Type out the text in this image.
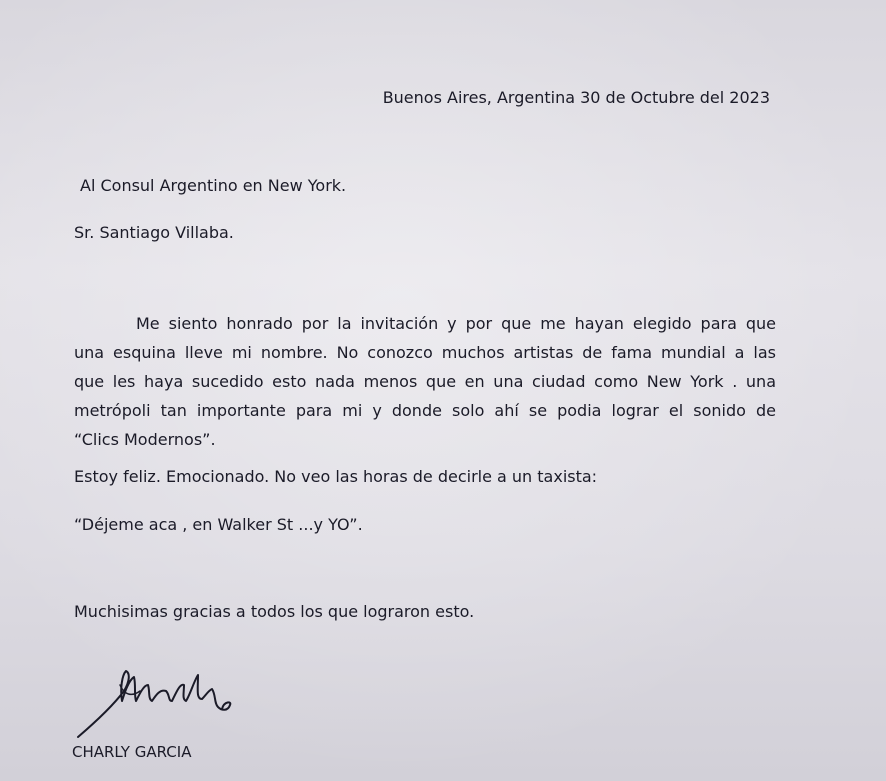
Buenos Aires, Argentina 30 de Octubre del 2023
Al Consul Argentino en New York.
Sr. Santiago Villaba.
Me siento honrado por la invitación y por que me hayan elegido para que
una esquina lleve mi nombre. No conozco muchos artistas de fama mundial a las
que les haya sucedido esto nada menos que en una ciudad como New York . una
metrópoli tan importante para mi y donde solo ahí se podia lograr el sonido de
“Clics Modernos”.
Estoy feliz. Emocionado. No veo las horas de decirle a un taxista:
“Déjeme aca , en Walker St ...y YO”.
Muchisimas gracias a todos los que lograron esto.
CHARLY GARCIA
